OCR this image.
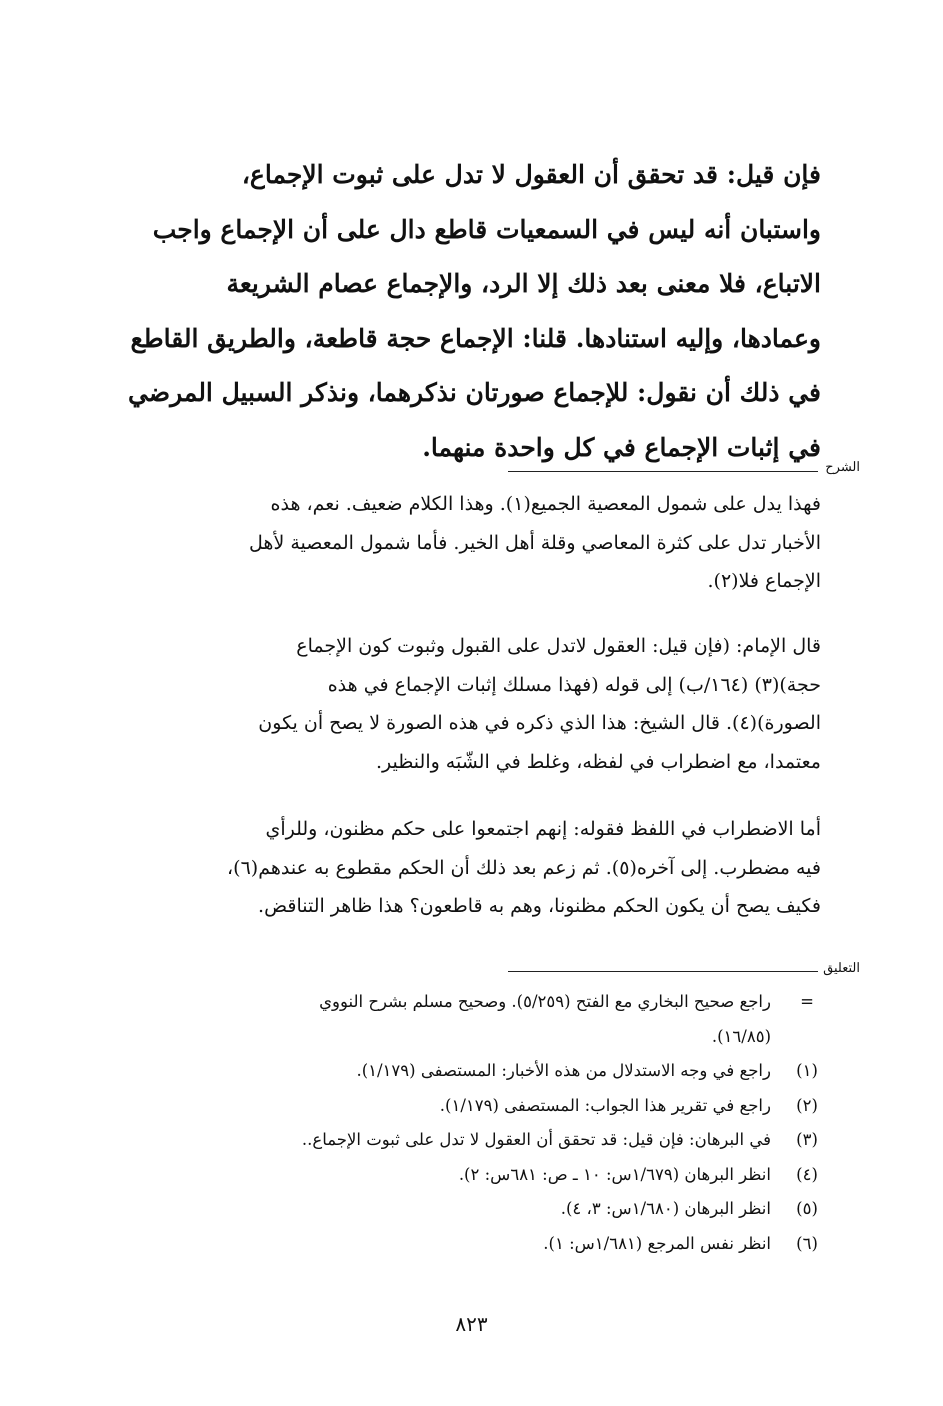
فإن قيل: قد تحقق أن العقول لا تدل على ثبوت الإجماع،

واستبان أنه ليس في السمعيات قاطع دال على أن الإجماع واجب

الاتباع، فلا معنى بعد ذلك إلا الرد، والإجماع عصام الشريعة

وعمادها، وإليه استنادها. قلنا: الإجماع حجة قاطعة، والطريق القاطع

في ذلك أن نقول: للإجماع صورتان نذكرهما، ونذكر السبيل المرضي

في إثبات الإجماع في كل واحدة منهما.

الشرح

فهذا يدل على شمول المعصية الجميع(١). وهذا الكلام ضعيف. نعم، هذه

الأخبار تدل على كثرة المعاصي وقلة أهل الخير. فأما شمول المعصية لأهل

الإجماع فلا(٢).

قال الإمام: (فإن قيل: العقول لاتدل على القبول وثبوت كون الإجماع

حجة)(٣) (١٦٤/ب) إلى قوله (فهذا مسلك إثبات الإجماع في هذه

الصورة)(٤). قال الشيخ: هذا الذي ذكره في هذه الصورة لا يصح أن يكون

معتمدا، مع اضطراب في لفظه، وغلط في الشّبَه والنظير.

أما الاضطراب في اللفظ فقوله: إنهم اجتمعوا على حكم مظنون، وللرأي

فيه مضطرب. إلى آخره(٥). ثم زعم بعد ذلك أن الحكم مقطوع به عندهم(٦)،

فكيف يصح أن يكون الحكم مظنونا، وهم به قاطعون؟ هذا ظاهر التناقض.

التعليق
=
راجع صحيح البخاري مع الفتح (٥/٢٥٩). وصحيح مسلم بشرح النووي
(١٦/٨٥).
(١)
راجع في وجه الاستدلال من هذه الأخبار: المستصفى (١/١٧٩).
(٢)
راجع في تقرير هذا الجواب: المستصفى (١/١٧٩).
(٣)
في البرهان: فإن قيل: قد تحقق أن العقول لا تدل على ثبوت الإجماع..
(٤)
انظر البرهان (١/٦٧٩س: ١٠ ـ ص: ٦٨١س: ٢).
(٥)
انظر البرهان (١/٦٨٠س: ٣، ٤).
(٦)
انظر نفس المرجع (١/٦٨١س: ١).
٨٢٣
